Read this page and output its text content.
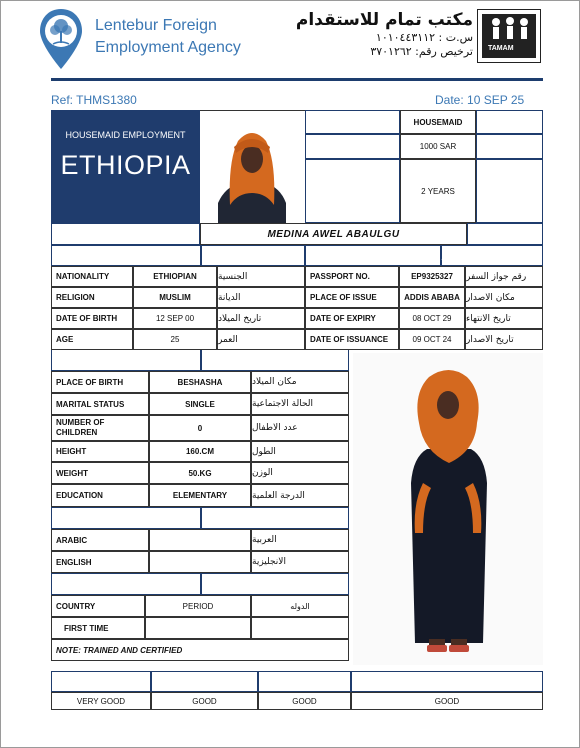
Lentebur Foreign
Employment Agency
مكتب تمام للاستقدام
س.ت : ١٠١٠٤٤٣١١٢
ترخيص رقم: ٣٧٠١٢٦٢ TAMAM
Ref: THMS1380	Date: 10 SEP 25
HOUSEMAID EMPLOYMENT
ETHIOPIA
POST	HOUSEMAID	الوظيفة
SALARY	1000 SAR	الراتب الشهري
CONTRACT
PERIOD	2 YEARS	مدة العقد
NAME OF THE APPLICANT:	MEDINA AWEL ABAULGU	إسم العامل / العاملة
DETAILS OF THE APPLICANT	بيانات صاحب الطالب	PASSPORT DETAILS	بيانات جواز السفر
GENERAL DETAILS	تفاصيل عامة
KNOWLEDGE ON LANGUAGES	اجادة اللغات
WORK EXPERIENCE:	الخبرات
COUNTRY	PERIOD	الدوله
FIRST TIME
NOTE: TRAINED AND CERTIFIED
NATIONALITY	ETHIOPIAN	الجنسية
RELIGION	MUSLIM	الديانة
DATE OF BIRTH	12 SEP 00	تاريخ الميلاد
AGE	25	العمر
PASSPORT NO.	EP9325327	رقم جواز السفر
PLACE OF ISSUE	ADDIS ABABA مكان الاصدار
DATE OF EXPIRY	08 OCT 29	تاريخ الانتهاء
DATE OF ISSUANCE	09 OCT 24	تاريخ الاصدار
PLACE OF BIRTH	BESHASHA	مكان الميلاد
MARITAL STATUS	SINGLE	الحالة الاجتماعية
NUMBER OF CHILDREN	0	عدد الاطفال
HEIGHT	160.CM	الطول
WEIGHT	50.KG	الوزن
EDUCATION	ELEMENTARY	الدرجة العلمية
ARABIC	العربية
ENGLISH	الانجليزية
CLEANING/WASHING	BABYSITTING	COOKING	IRONING
VERY GOOD	GOOD	GOOD	GOOD
